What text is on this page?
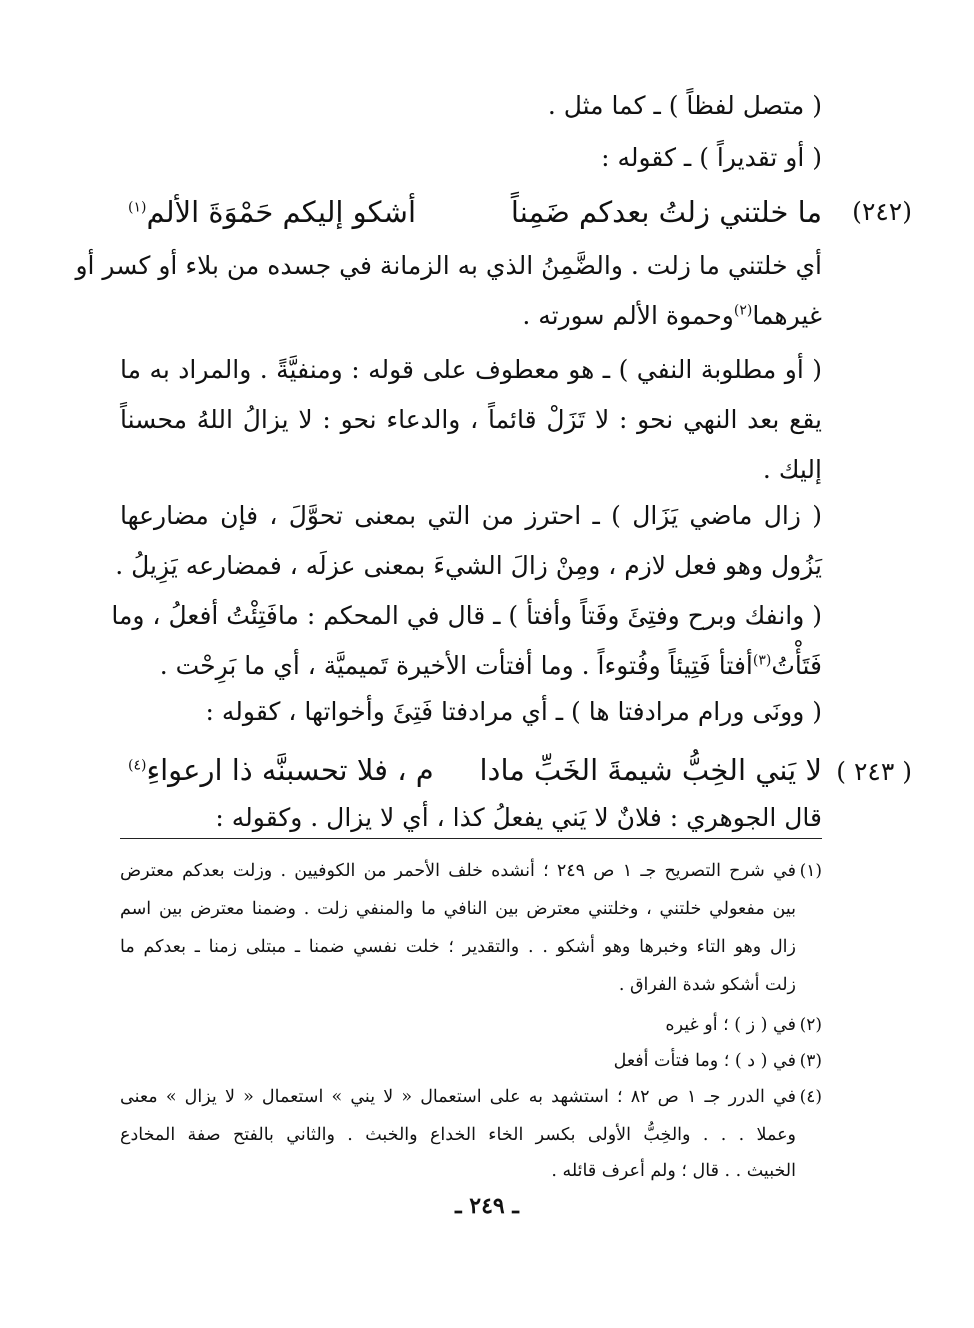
( متصل لفظاً ) ـ كما مثل .
( أو تقديراً ) ـ كقوله :
(٢٤٢)
ما خلتني زلتُ بعدكم ضَمِناً
أشكو إليكم حَمْوَةَ الألم$^{(١)}$
أي خلتني ما زلت . والضَّمِنُ الذي به الزمانة في جسده من بلاء أو كسر أو
غيرهما$^{(٢)}$وحموة الألم سورته .
( أو مطلوبة النفي ) ـ هو معطوف على قوله : ومنفيَّةً . والمراد به ما
يقع بعد النهي نحو : لا تَزَلْ قائماً ، والدعاء نحو : لا يزالُ اللهُ محسناً
إليك .
( زال ماضي يَزَال ) ـ احترز من التي بمعنى تحوَّلَ ، فإن مضارعها
يَزُول وهو فعل لازم ، ومِنْ زالَ الشيءَ بمعنى عزلَه ، فمضارعه يَزِيلُ .
( وانفك وبرح وفتِئَ وفَتاً وأفتأ ) ـ قال في المحكم : مافَتِئْتُ أفعلُ ، وما
فَتَأْتُ$^{(٣)}$أفتأ فَتِيئاً وفُتوءاً . وما أفتأت الأخيرة تَميميَّة ، أي ما بَرِحْت .
( وونَى ورام مرادفتا ها ) ـ أي مرادفتا فَتِئَ وأخواتها ، كقوله :
( ٢٤٣ )
لا يَني الخِبُّ شيمةَ الخَبِّ مادا
م ، فلا تحسبنَّه ذا ارعواءِ$^{(٤)}$
قال الجوهري : فلانٌ لا يَني يفعلُ كذا ، أي لا يزال . وكقوله :
(١)
في شرح التصريح جـ ١ ص ٢٤٩ ؛ أنشده خلف الأحمر من الكوفيين . وزلت بعدكم معترض
بين مفعولي خلتني ، وخلتني معترض بين النافي ما والمنفي زلت . وضمنا معترض بين اسم
زال وهو التاء وخبرها وهو أشكو . . والتقدير ؛ خلت نفسي ضمنا ـ مبتلى زمنا ـ بعدكم ما
زلت أشكو شدة الفراق .
(٢)
في ( ز ) ؛ أو غيره
(٣)
في ( د ) ؛ وما فتأت أفعل
(٤)
في الدرر جـ ١ ص ٨٢ ؛ استشهد به على استعمال « لا يني » استعمال « لا يزال » معنى
وعملا . . . والخِبُّ الأولى بكسر الخاء الخداع والخبث . والثاني بالفتح صفة المخادع
الخبيث . . قال ؛ ولم أعرف قائله .
ـ ٢٤٩ ـ
